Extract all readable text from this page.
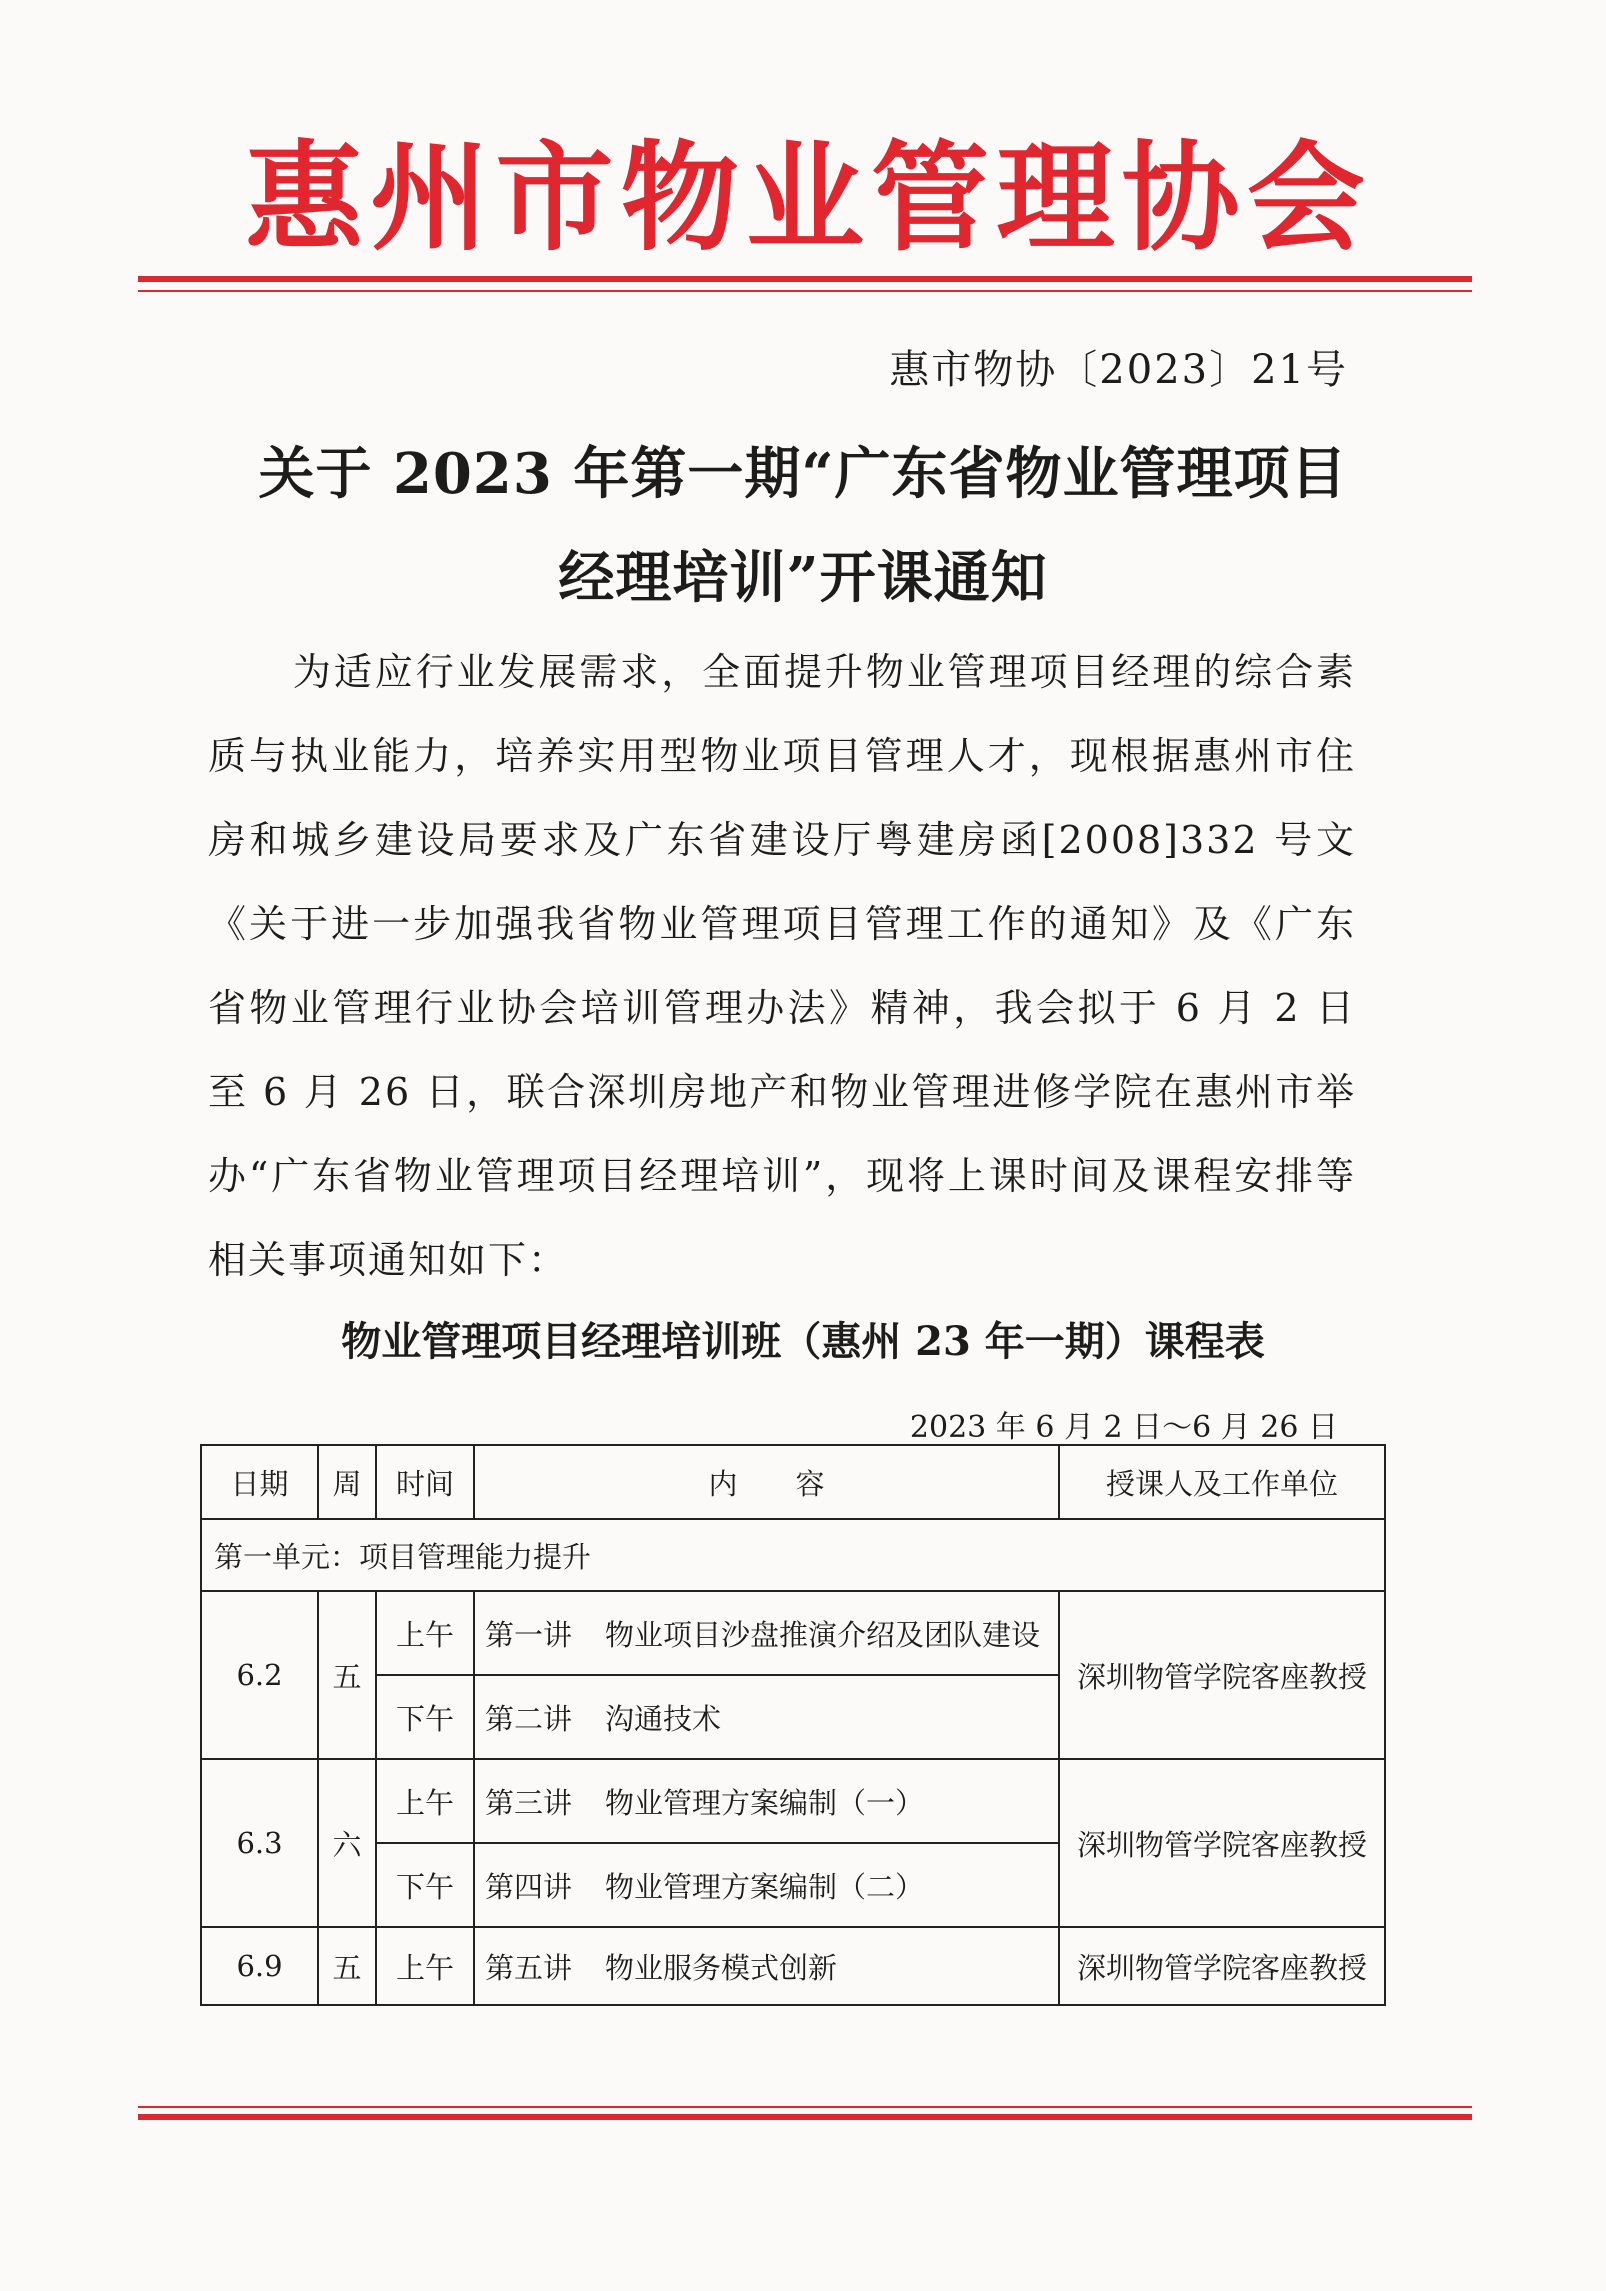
惠 州 市 物 业 管 理 协 会
惠市物协〔2023〕21号
关于 2023 年第一期“广东省物业管理项目
经理培训”开课通知
为适应行业发展需求，全面提升物业管理项目经理的综合素质与执业能力，培养实用型物业项目管理人才，现根据惠州市住房和城乡建设局要求及广东省建设厅粤建房函[2008]332 号文《关于进一步加强我省物业管理项目管理工作的通知》及《广东省物业管理行业协会培训管理办法》精神，我会拟于 6 月 2 日至 6 月 26 日，联合深圳房地产和物业管理进修学院在惠州市举办“广东省物业管理项目经理培训”，现将上课时间及课程安排等相关事项通知如下：
物业管理项目经理培训班（惠州 23 年一期）课程表
2023 年 6 月 2 日～6 月 26 日
日期	周	时间	内　　容	授课人及工作单位
第一单元：项目管理能力提升				
6.2	五	上午	第一讲 物业项目沙盘推演介绍及团队建设	深圳物管学院客座教授
		下午	第二讲 沟通技术	
6.3	六	上午	第三讲 物业管理方案编制（一）	深圳物管学院客座教授
		下午	第四讲 物业管理方案编制（二）	
6.9	五	上午	第五讲 物业服务模式创新	深圳物管学院客座教授
